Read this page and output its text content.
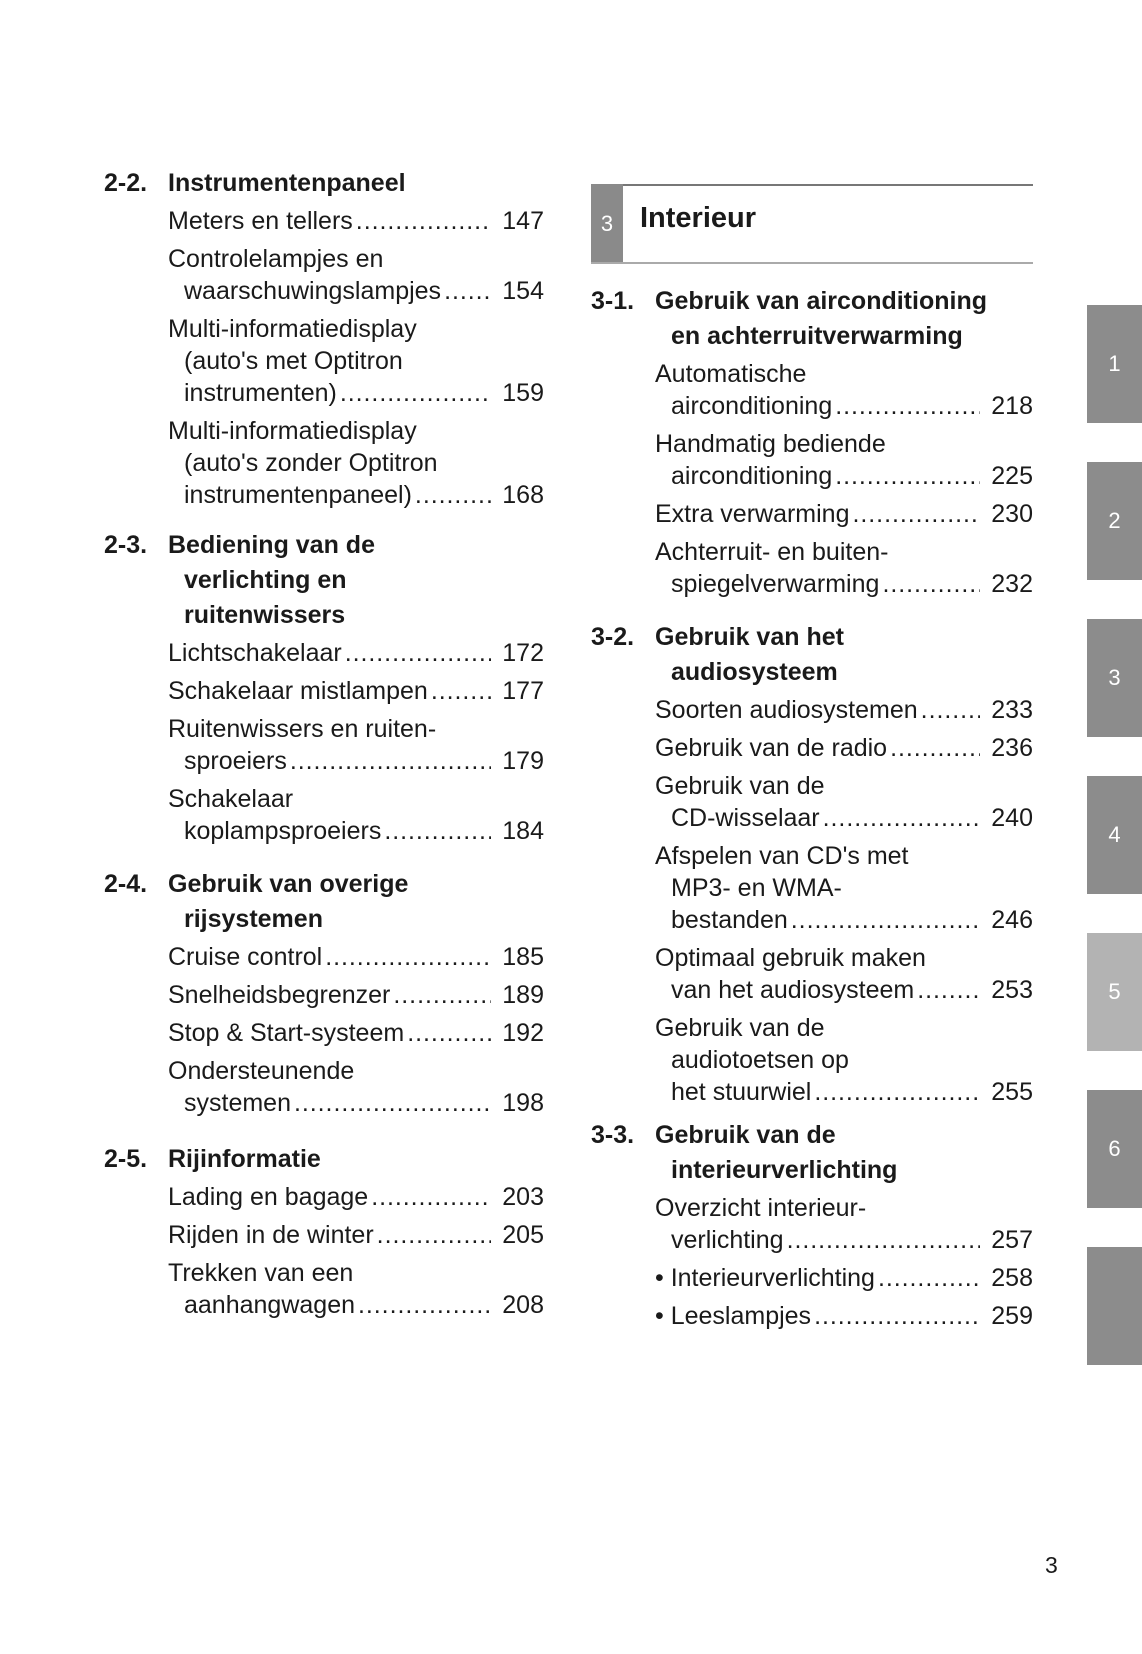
2-2. Instrumentenpaneel
Meters en tellers . . .	147
Controlelampjes en
waarschuwingslampjes . . .	154
Multi-informatiedisplay
(auto's met Optitron
instrumenten) . . .	159
Multi-informatiedisplay
(auto's zonder Optitron
instrumentenpaneel) . . .	168
2-3. Bediening van de
verlichting en
ruitenwissers
Lichtschakelaar . . .	172
Schakelaar mistlampen . . .	177
Ruitenwissers en ruiten-
sproeiers . . .	179
Schakelaar
koplampsproeiers . . .	184
2-4. Gebruik van overige
rijsystemen
Cruise control . . .	185
Snelheidsbegrenzer . . .	189
Stop & Start-systeem . . .	192
Ondersteunende
systemen . . .	198
2-5. Rijinformatie
Lading en bagage . . .	203
Rijden in de winter . . .	205
Trekken van een
aanhangwagen . . .	208
3-1. Gebruik van airconditioning
en achterruitverwarming
Automatische
airconditioning . . .	218
Handmatig bediende
airconditioning . . .	225
Extra verwarming . . .	230
Achterruit- en buiten-
spiegelverwarming . . .	232
3-2. Gebruik van het
audiosysteem
Soorten audiosystemen . . .	233
Gebruik van de radio . . .	236
Gebruik van de
CD-wisselaar . . .	240
Afspelen van CD's met
MP3- en WMA-
bestanden . . .	246
Optimaal gebruik maken
van het audiosysteem . . .	253
Gebruik van de
audiotoetsen op
het stuurwiel . . .	255
3-3. Gebruik van de
interieurverlichting
Overzicht interieur-
verlichting . . .	257
• Interieurverlichting . . .	258
• Leeslampjes . . .	259
3 Interieur
1
2
3
4
5
6
3
